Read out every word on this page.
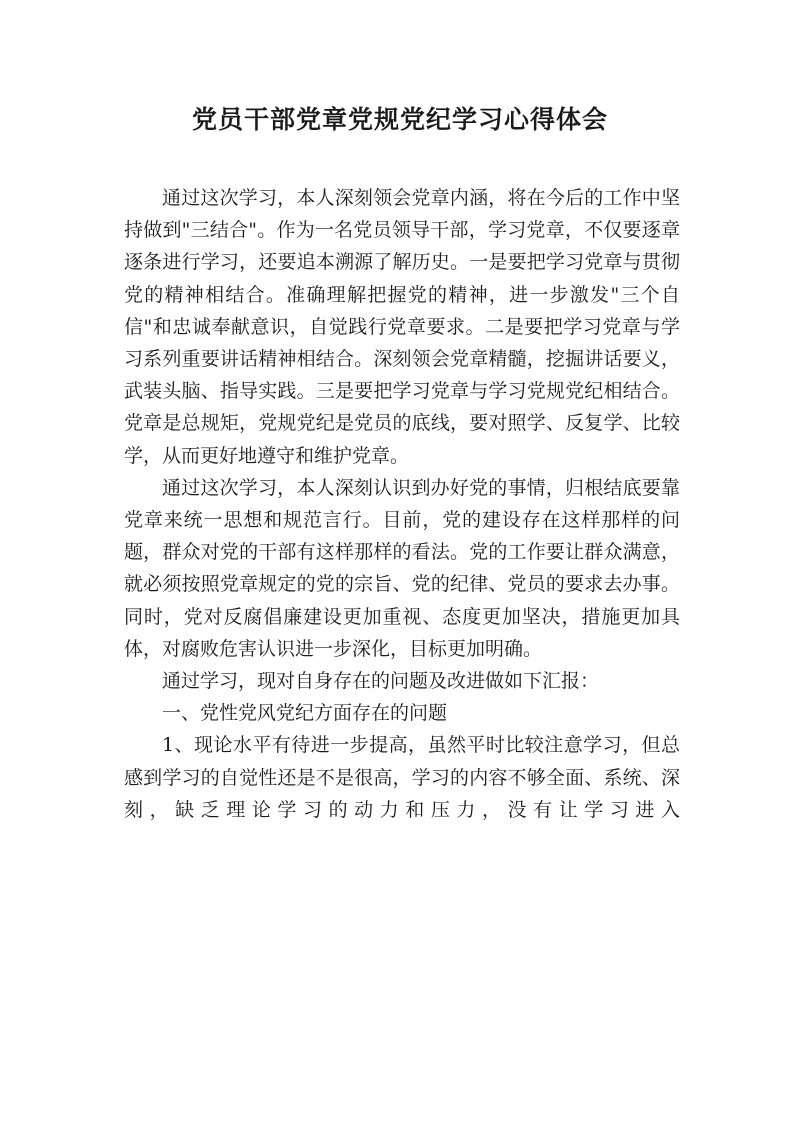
党员干部党章党规党纪学习心得体会

通过这次学习，本人深刻领会党章内涵，将在今后的工作中坚持做到"三结合"。作为一名党员领导干部，学习党章，不仅要逐章逐条进行学习，还要追本溯源了解历史。一是要把学习党章与贯彻党的精神相结合。准确理解把握党的精神，进一步激发"三个自信"和忠诚奉献意识，自觉践行党章要求。二是要把学习党章与学习系列重要讲话精神相结合。深刻领会党章精髓，挖掘讲话要义，武装头脑、指导实践。三是要把学习党章与学习党规党纪相结合。党章是总规矩，党规党纪是党员的底线，要对照学、反复学、比较学，从而更好地遵守和维护党章。

通过这次学习，本人深刻认识到办好党的事情，归根结底要靠党章来统一思想和规范言行。目前，党的建设存在这样那样的问题，群众对党的干部有这样那样的看法。党的工作要让群众满意，就必须按照党章规定的党的宗旨、党的纪律、党员的要求去办事。同时，党对反腐倡廉建设更加重视、态度更加坚决，措施更加具体，对腐败危害认识进一步深化，目标更加明确。

通过学习，现对自身存在的问题及改进做如下汇报：

一、党性党风党纪方面存在的问题

1、现论水平有待进一步提高，虽然平时比较注意学习，但总感到学习的自觉性还是不是很高，学习的内容不够全面、系统、深刻，缺乏理论学习的动力和压力，没有让学习进入
